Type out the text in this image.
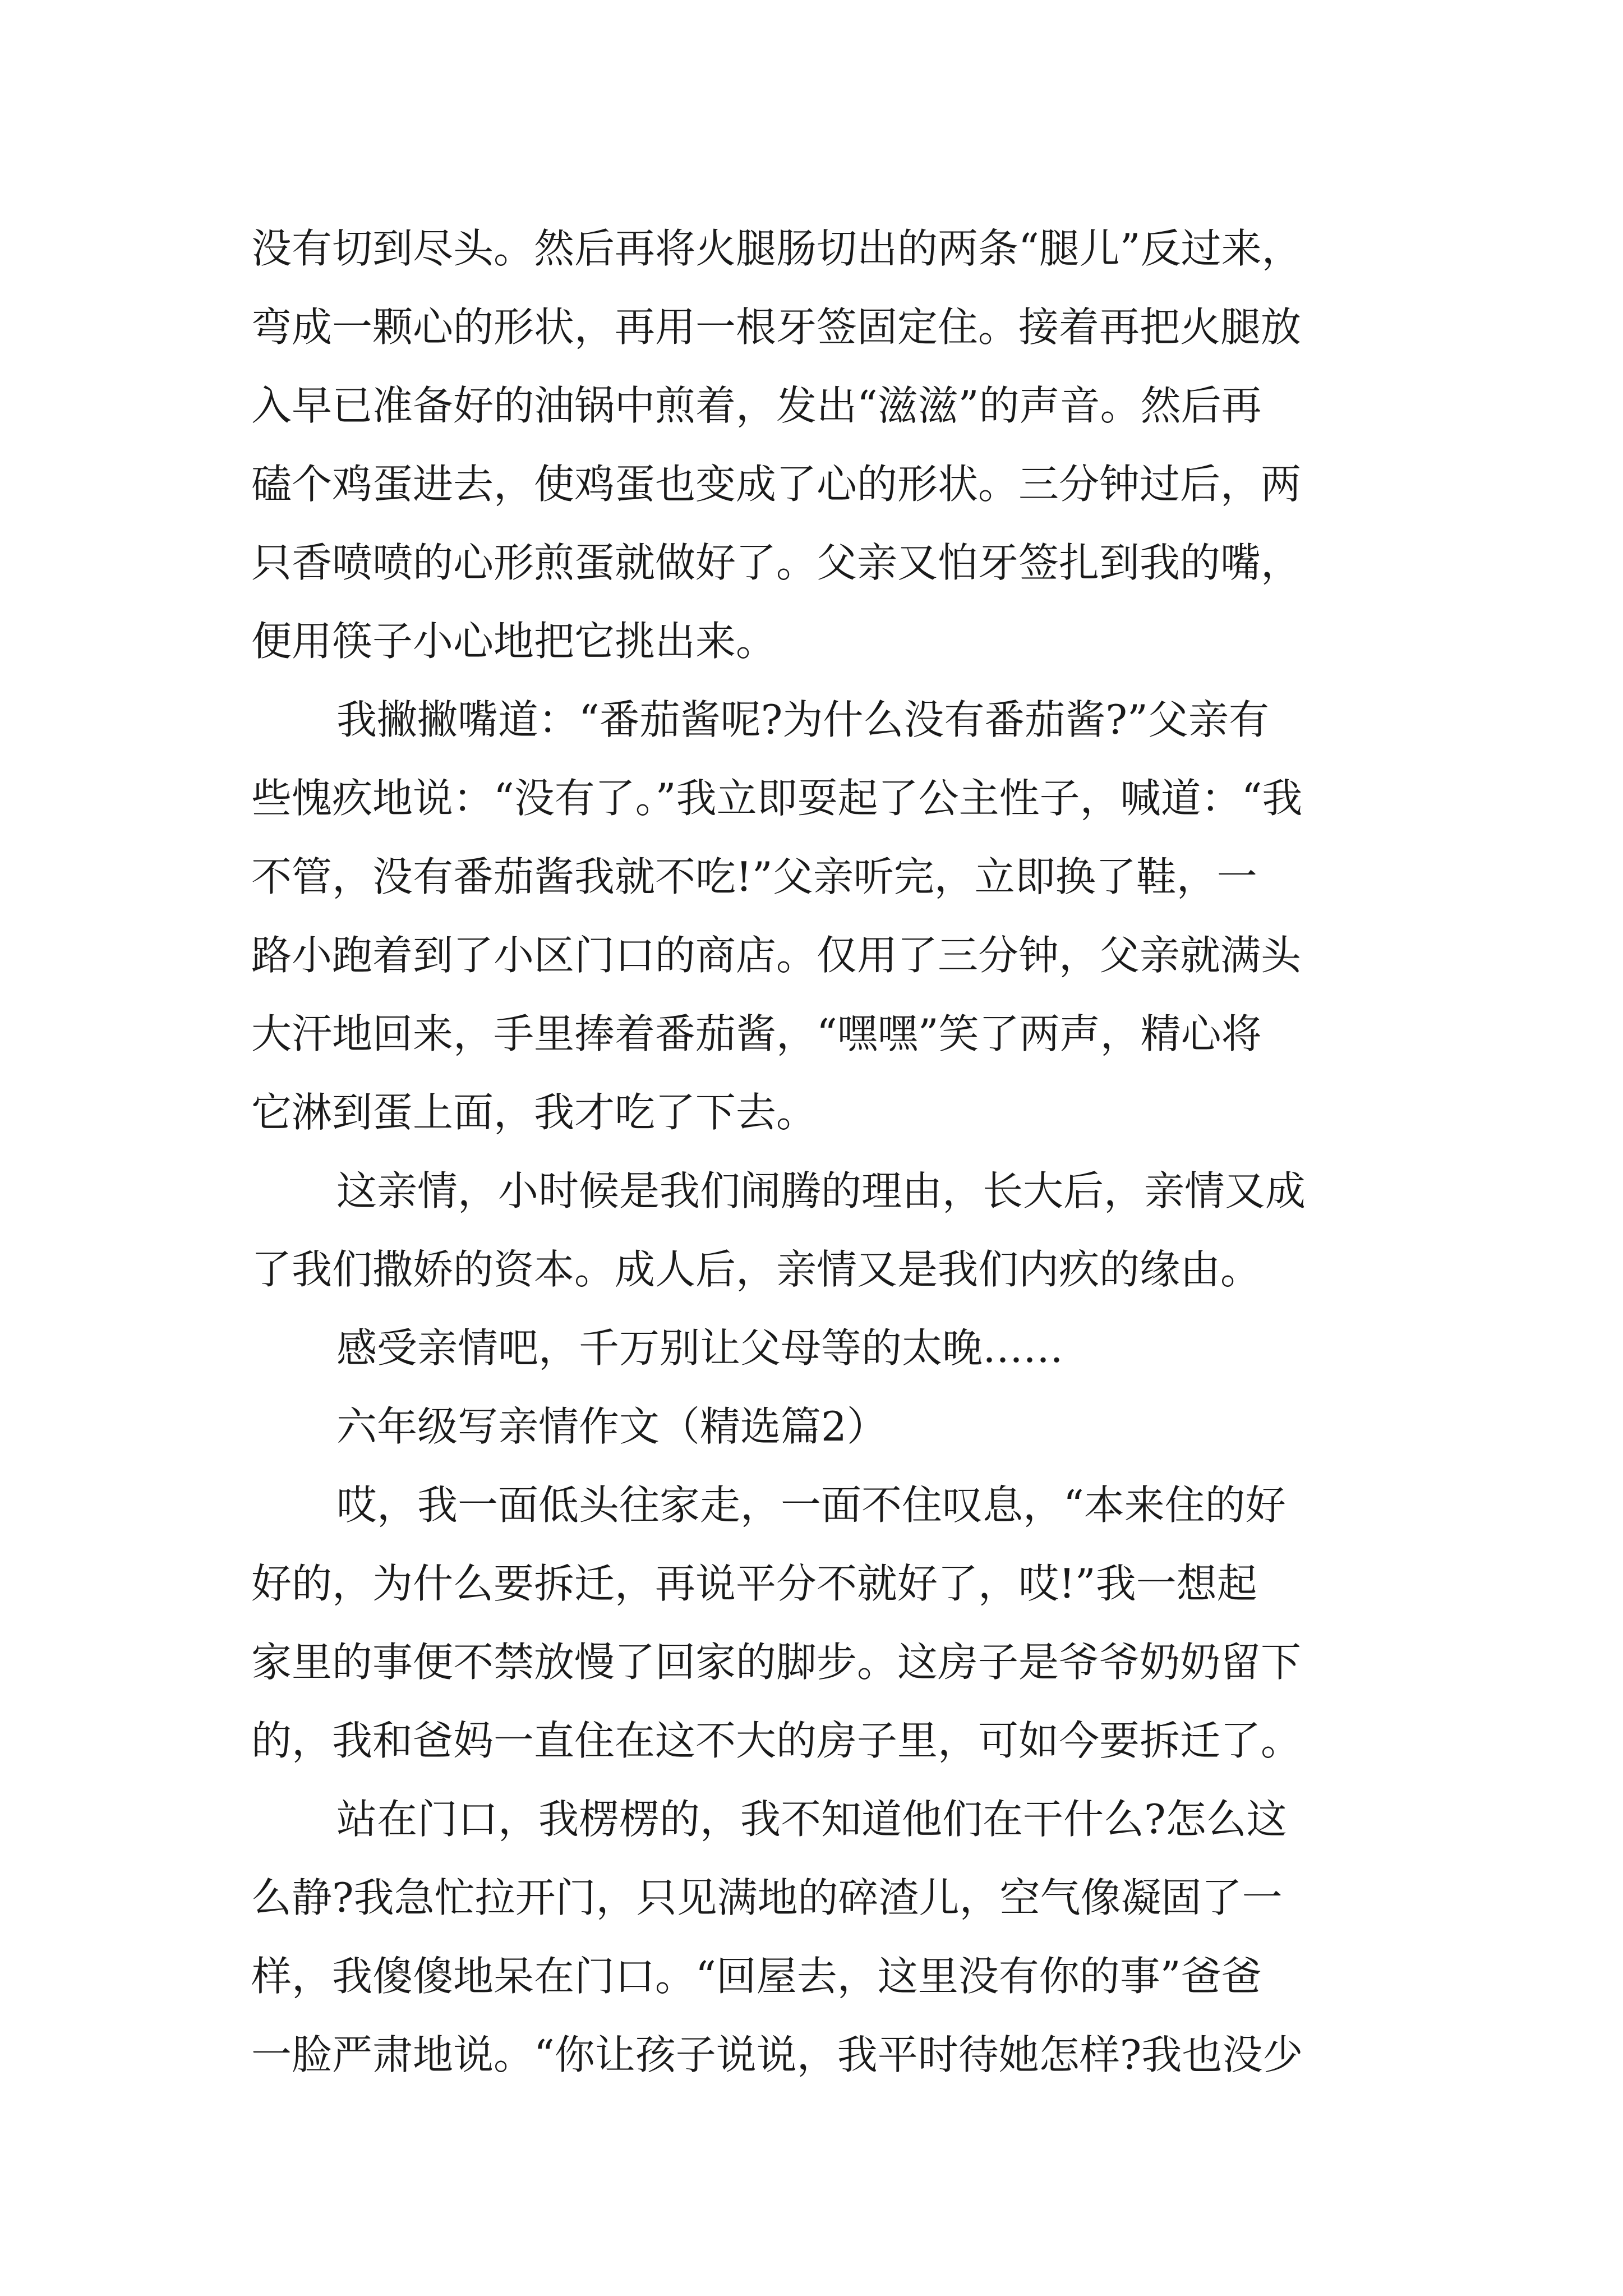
没有切到尽头。然后再将火腿肠切出的两条“腿儿”反过来，

弯成一颗心的形状，再用一根牙签固定住。接着再把火腿放

入早已准备好的油锅中煎着，发出“滋滋”的声音。然后再

磕个鸡蛋进去，使鸡蛋也变成了心的形状。三分钟过后，两

只香喷喷的心形煎蛋就做好了。父亲又怕牙签扎到我的嘴，

便用筷子小心地把它挑出来。

我撇撇嘴道：“番茄酱呢?为什么没有番茄酱?”父亲有

些愧疚地说：“没有了。”我立即耍起了公主性子，喊道：“我

不管，没有番茄酱我就不吃!”父亲听完，立即换了鞋，一

路小跑着到了小区门口的商店。仅用了三分钟，父亲就满头

大汗地回来，手里捧着番茄酱，“嘿嘿”笑了两声，精心将

它淋到蛋上面，我才吃了下去。

这亲情，小时候是我们闹腾的理由，长大后，亲情又成

了我们撒娇的资本。成人后，亲情又是我们内疚的缘由。

感受亲情吧，千万别让父母等的太晚……

六年级写亲情作文（精选篇2）

哎，我一面低头往家走，一面不住叹息，“本来住的好

好的，为什么要拆迁，再说平分不就好了，哎!”我一想起

家里的事便不禁放慢了回家的脚步。这房子是爷爷奶奶留下

的，我和爸妈一直住在这不大的房子里，可如今要拆迁了。

站在门口，我楞楞的，我不知道他们在干什么?怎么这

么静?我急忙拉开门，只见满地的碎渣儿，空气像凝固了一

样，我傻傻地呆在门口。“回屋去，这里没有你的事”爸爸

一脸严肃地说。“你让孩子说说，我平时待她怎样?我也没少
